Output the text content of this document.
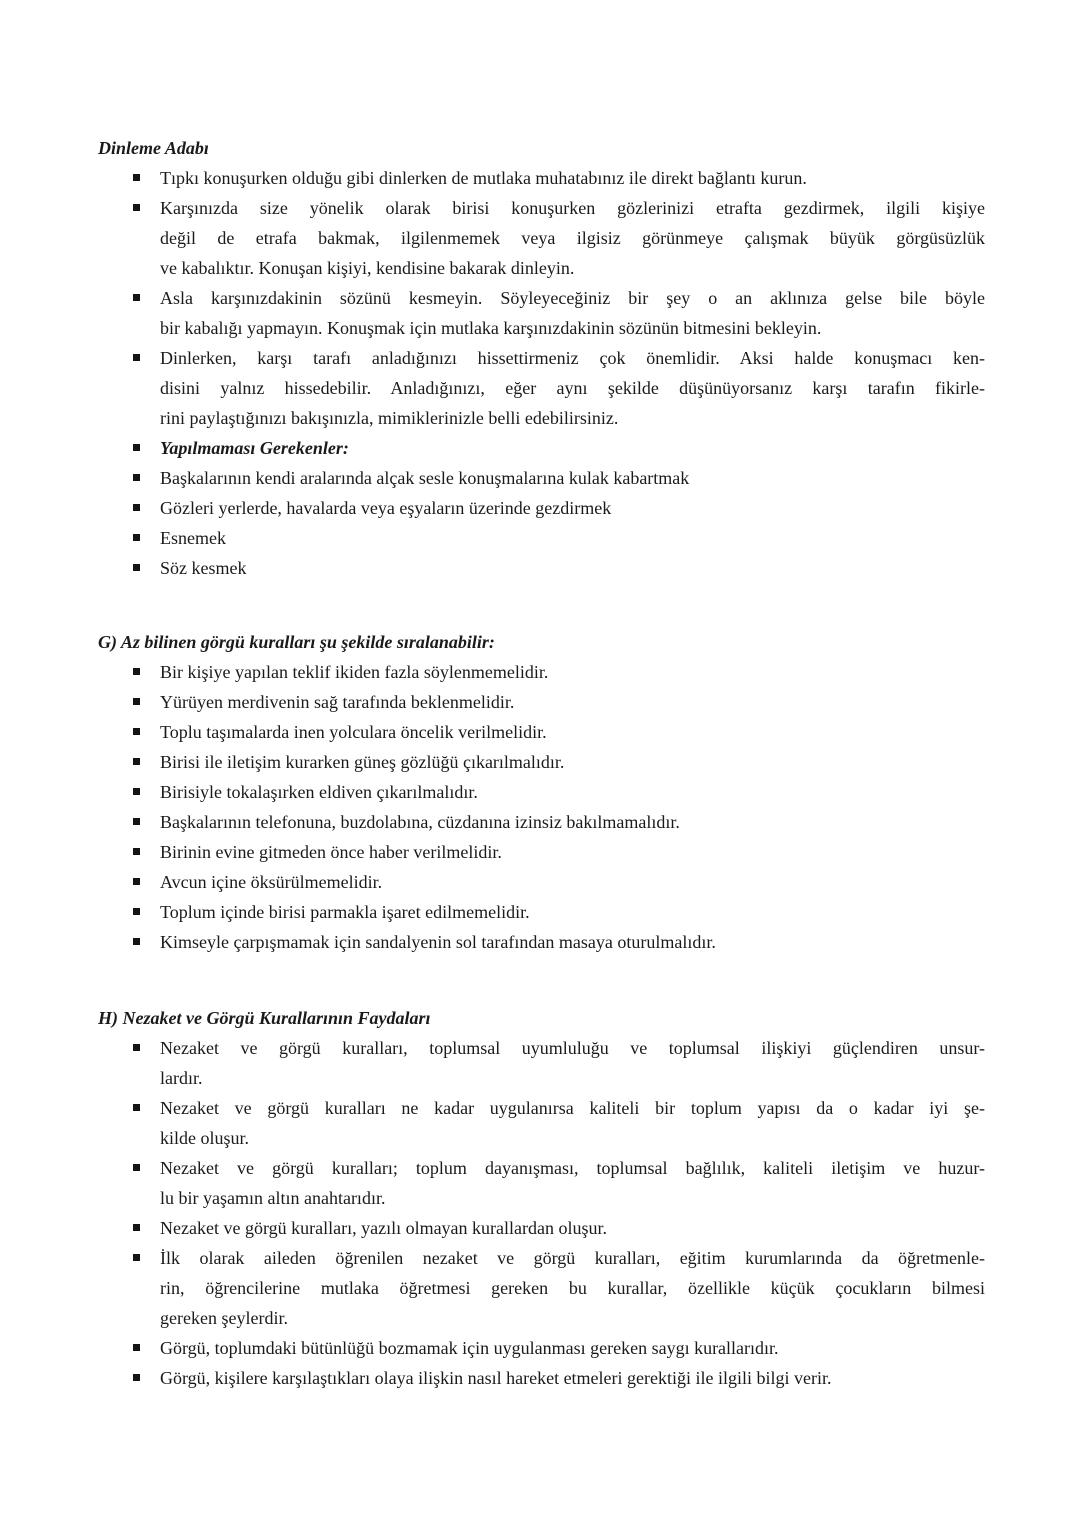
Dinleme Adabı
Tıpkı konuşurken olduğu gibi dinlerken de mutlaka muhatabınız ile direkt bağlantı kurun.
Karşınızda size yönelik olarak birisi konuşurken gözlerinizi etrafta gezdirmek, ilgili kişiye
değil de etrafa bakmak, ilgilenmemek veya ilgisiz görünmeye çalışmak büyük görgüsüzlük
ve kabalıktır. Konuşan kişiyi, kendisine bakarak dinleyin.
Asla karşınızdakinin sözünü kesmeyin. Söyleyeceğiniz bir şey o an aklınıza gelse bile böyle
bir kabalığı yapmayın. Konuşmak için mutlaka karşınızdakinin sözünün bitmesini bekleyin.
Dinlerken, karşı tarafı anladığınızı hissettirmeniz çok önemlidir. Aksi halde konuşmacı ken-
disini yalnız hissedebilir. Anladığınızı, eğer aynı şekilde düşünüyorsanız karşı tarafın fikirle-
rini paylaştığınızı bakışınızla, mimiklerinizle belli edebilirsiniz.
Yapılmaması Gerekenler:
Başkalarının kendi aralarında alçak sesle konuşmalarına kulak kabartmak
Gözleri yerlerde, havalarda veya eşyaların üzerinde gezdirmek
Esnemek
Söz kesmek
G) Az bilinen görgü kuralları şu şekilde sıralanabilir:
Bir kişiye yapılan teklif ikiden fazla söylenmemelidir.
Yürüyen merdivenin sağ tarafında beklenmelidir.
Toplu taşımalarda inen yolculara öncelik verilmelidir.
Birisi ile iletişim kurarken güneş gözlüğü çıkarılmalıdır.
Birisiyle tokalaşırken eldiven çıkarılmalıdır.
Başkalarının telefonuna, buzdolabına, cüzdanına izinsiz bakılmamalıdır.
Birinin evine gitmeden önce haber verilmelidir.
Avcun içine öksürülmemelidir.
Toplum içinde birisi parmakla işaret edilmemelidir.
Kimseyle çarpışmamak için sandalyenin sol tarafından masaya oturulmalıdır.
H) Nezaket ve Görgü Kurallarının Faydaları
Nezaket ve görgü kuralları, toplumsal uyumluluğu ve toplumsal ilişkiyi güçlendiren unsur-
lardır.
Nezaket ve görgü kuralları ne kadar uygulanırsa kaliteli bir toplum yapısı da o kadar iyi şe-
kilde oluşur.
Nezaket ve görgü kuralları; toplum dayanışması, toplumsal bağlılık, kaliteli iletişim ve huzur-
lu bir yaşamın altın anahtarıdır.
Nezaket ve görgü kuralları, yazılı olmayan kurallardan oluşur.
İlk olarak aileden öğrenilen nezaket ve görgü kuralları, eğitim kurumlarında da öğretmenle-
rin, öğrencilerine mutlaka öğretmesi gereken bu kurallar, özellikle küçük çocukların bilmesi
gereken şeylerdir.
Görgü, toplumdaki bütünlüğü bozmamak için uygulanması gereken saygı kurallarıdır.
Görgü, kişilere karşılaştıkları olaya ilişkin nasıl hareket etmeleri gerektiği ile ilgili bilgi verir.
